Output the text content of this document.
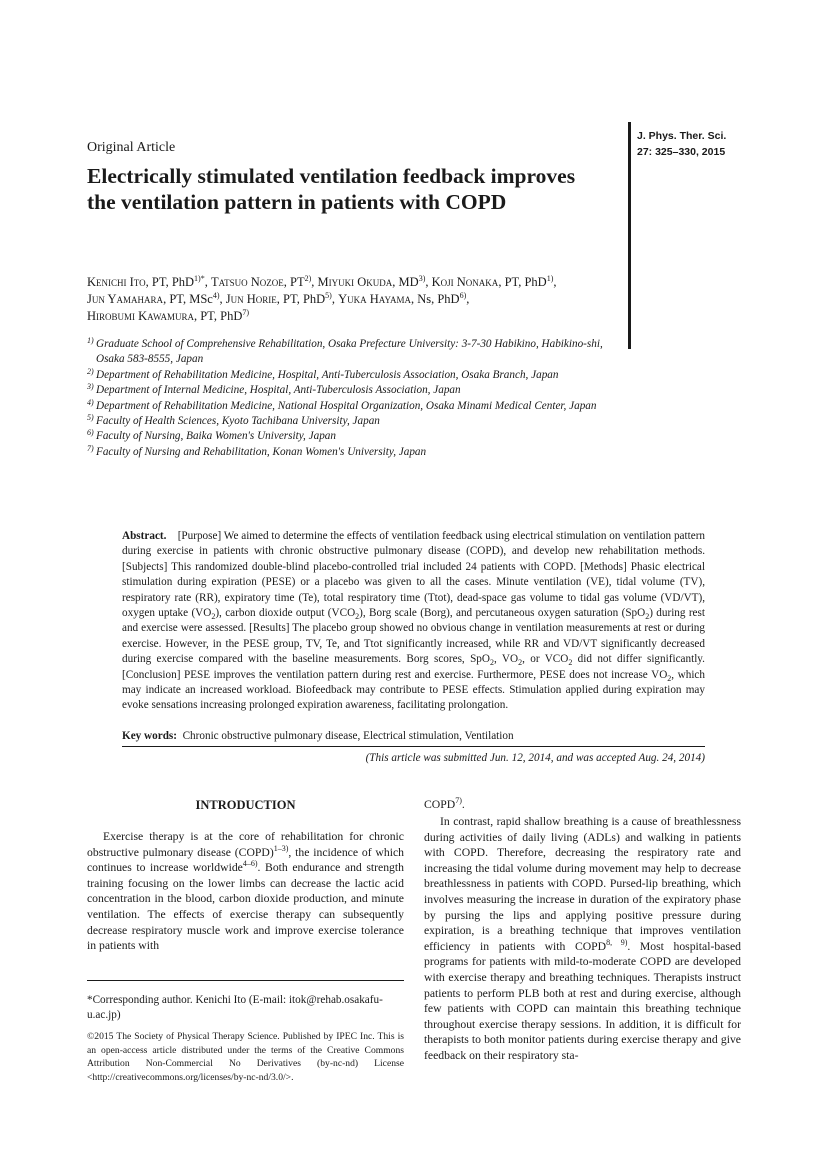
J. Phys. Ther. Sci.
27: 325–330, 2015
Original Article
Electrically stimulated ventilation feedback improves the ventilation pattern in patients with COPD
Kenichi Ito, PT, PhD$^{1)*}$, Tatsuo Nozoe, PT$^{2)}$, Miyuki Okuda, MD$^{3)}$, Koji Nonaka, PT, PhD$^{1)}$,
Jun Yamahara, PT, MSc$^{4)}$, Jun Horie, PT, PhD$^{5)}$, Yuka Hayama, Ns, PhD$^{6)}$,
Hirobumi Kawamura, PT, PhD$^{7)}$
1) Graduate School of Comprehensive Rehabilitation, Osaka Prefecture University: 3-7-30 Habikino, Habikino-shi, Osaka 583-8555, Japan
2) Department of Rehabilitation Medicine, Hospital, Anti-Tuberculosis Association, Osaka Branch, Japan
3) Department of Internal Medicine, Hospital, Anti-Tuberculosis Association, Japan
4) Department of Rehabilitation Medicine, National Hospital Organization, Osaka Minami Medical Center, Japan
5) Faculty of Health Sciences, Kyoto Tachibana University, Japan
6) Faculty of Nursing, Baika Women's University, Japan
7) Faculty of Nursing and Rehabilitation, Konan Women's University, Japan
Abstract. [Purpose] We aimed to determine the effects of ventilation feedback using electrical stimulation on ventilation pattern during exercise in patients with chronic obstructive pulmonary disease (COPD), and develop new rehabilitation methods. [Subjects] This randomized double-blind placebo-controlled trial included 24 patients with COPD. [Methods] Phasic electrical stimulation during expiration (PESE) or a placebo was given to all the cases. Minute ventilation (VE), tidal volume (TV), respiratory rate (RR), expiratory time (Te), total respiratory time (Ttot), dead-space gas volume to tidal gas volume (VD/VT), oxygen uptake $(VO_2)$, carbon dioxide output $(VCO_2)$, Borg scale (Borg), and percutaneous oxygen saturation (SpO$_2$) during rest and exercise were assessed. [Results] The placebo group showed no obvious change in ventilation measurements at rest or during exercise. However, in the PESE group, TV, Te, and Ttot significantly increased, while RR and VD/VT significantly decreased during exercise compared with the baseline measurements. Borg scores, SpO$_2$, $VO_2$, or $VCO_2$ did not differ significantly. [Conclusion] PESE improves the ventilation pattern during rest and exercise. Furthermore, PESE does not increase $VO_2$, which may indicate an increased workload. Biofeedback may contribute to PESE effects. Stimulation applied during expiration may evoke sensations increasing prolonged expiration awareness, facilitating prolongation.
Key words: Chronic obstructive pulmonary disease, Electrical stimulation, Ventilation
(This article was submitted Jun. 12, 2014, and was accepted Aug. 24, 2014)
INTRODUCTION
Exercise therapy is at the core of rehabilitation for chronic obstructive pulmonary disease (COPD)$^{1-3)}$, the incidence of which continues to increase worldwide$^{4-6)}$. Both endurance and strength training focusing on the lower limbs can decrease the lactic acid concentration in the blood, carbon dioxide production, and minute ventilation. The effects of exercise therapy can subsequently decrease respiratory muscle work and improve exercise tolerance in patients with
COPD$^{7)}$.
In contrast, rapid shallow breathing is a cause of breathlessness during activities of daily living (ADLs) and walking in patients with COPD. Therefore, decreasing the respiratory rate and increasing the tidal volume during movement may help to decrease breathlessness in patients with COPD. Pursed-lip breathing, which involves measuring the increase in duration of the expiratory phase by pursing the lips and applying positive pressure during expiration, is a breathing technique that improves ventilation efficiency in patients with COPD$^{8, 9)}$. Most hospital-based programs for patients with mild-to-moderate COPD are developed with exercise therapy and breathing techniques. Therapists instruct patients to perform PLB both at rest and during exercise, although few patients with COPD can maintain this breathing technique throughout exercise therapy sessions. In addition, it is difficult for therapists to both monitor patients during exercise therapy and give feedback on their respiratory sta-
*Corresponding author. Kenichi Ito (E-mail: itok@rehab.osakafu-u.ac.jp)
©2015 The Society of Physical Therapy Science. Published by IPEC Inc. This is an open-access article distributed under the terms of the Creative Commons Attribution Non-Commercial No Derivatives (by-nc-nd) License <http://creativecommons.org/licenses/by-nc-nd/3.0/>.
